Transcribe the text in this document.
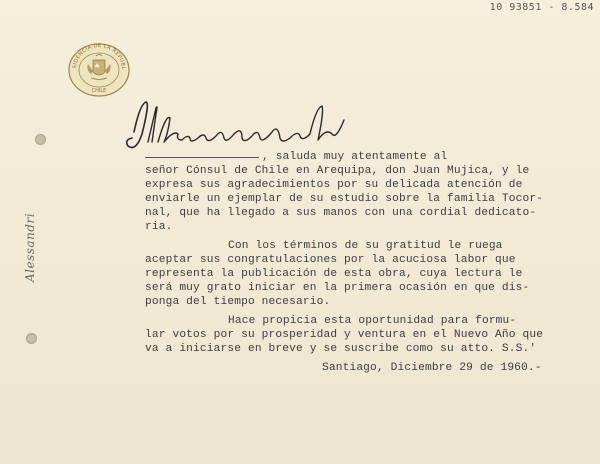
10 93851 - 8.584
SIDENCIA DE LA REPUBL
CHILE
Alessandri
, saluda muy atentamente al
señor Cónsul de Chile en Arequipa, don Juan Mujica, y le
expresa sus agradecimientos por su delicada atención de
enviarle un ejemplar de su estudio sobre la familia Tocor-
nal, que ha llegado a sus manos con una cordial dedicato-
ria.
Con los términos de su gratitud le ruega
aceptar sus congratulaciones por la acuciosa labor que
representa la publicación de esta obra, cuya lectura le
será muy grato iniciar en la primera ocasión en que dis-
ponga del tiempo necesario.
Hace propicia esta oportunidad para formu-
lar votos por su prosperidad y ventura en el Nuevo Año que
va a iniciarse en breve y se suscribe como su atto. S.S.'
Santiago, Diciembre 29 de 1960.-
